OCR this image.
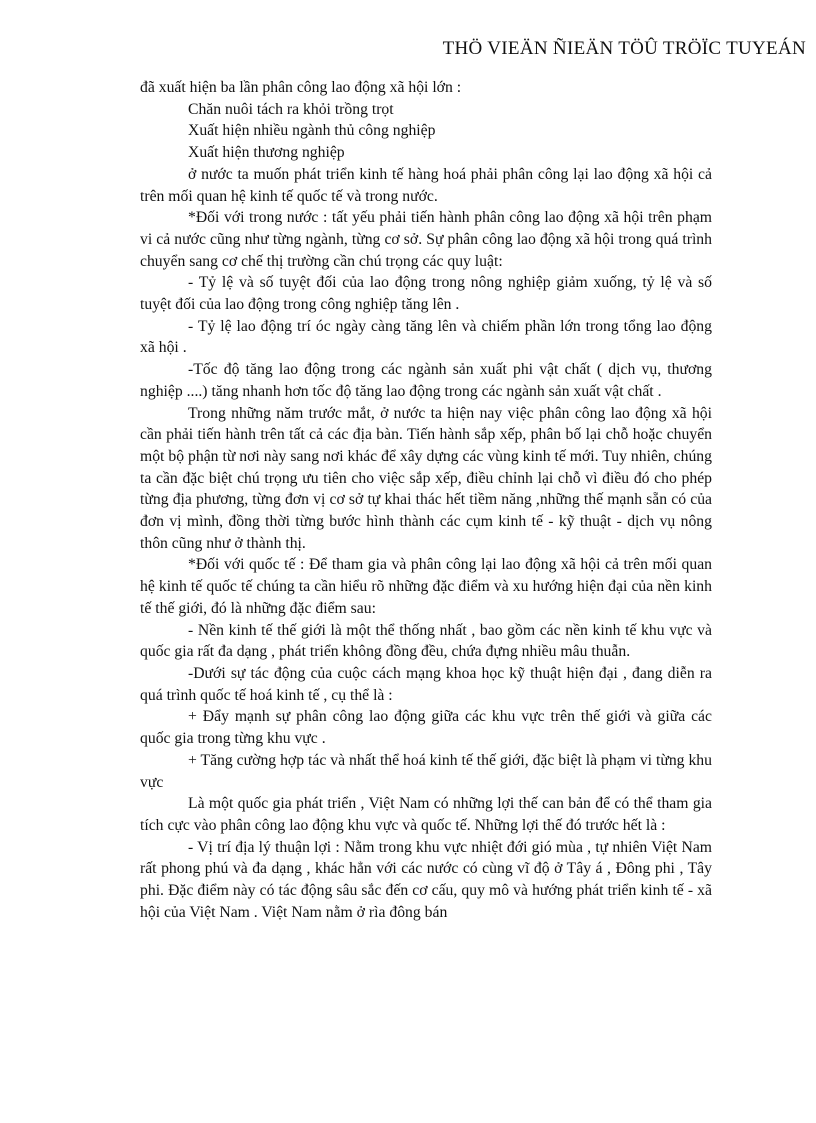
THÖ VIEÄN ÑIEÄN TÖÛ TRÖÏC TUYEÁN

đã xuất hiện ba lần phân công lao động xã hội lớn :

Chăn nuôi tách ra khỏi trồng trọt

Xuất hiện nhiều ngành thủ công nghiệp

Xuất hiện thương nghiệp

ở nước ta muốn phát triển kinh tế hàng hoá phải phân công lại lao động xã hội cả trên mối quan hệ kinh tế quốc tế và trong nước.

*Đối với trong nước : tất yếu phải tiến hành phân công lao động xã hội trên phạm vi cả nước cũng như từng ngành, từng cơ sở. Sự phân công lao động xã hội trong quá trình chuyển sang cơ chế thị trường cần chú trọng các quy luật:

- Tỷ lệ và số tuyệt đối của lao động trong nông nghiệp giảm xuống, tỷ lệ và số tuyệt đối của lao động trong công nghiệp tăng lên .

- Tỷ lệ lao động trí óc ngày càng tăng lên và chiếm phần lớn trong tổng lao động xã hội .

-Tốc độ tăng lao động trong các ngành sản xuất phi vật chất ( dịch vụ, thương nghiệp ....) tăng nhanh hơn tốc độ tăng lao động trong các ngành sản xuất vật chất .

Trong những năm trước mắt, ở nước ta hiện nay việc phân công lao động xã hội cần phải tiến hành trên tất cả các địa bàn. Tiến hành sắp xếp, phân bố lại chỗ hoặc chuyển một bộ phận từ nơi này sang nơi khác để xây dựng các vùng kinh tế mới. Tuy nhiên, chúng ta cần đặc biệt chú trọng ưu tiên cho việc sắp xếp, điều chỉnh lại chỗ vì điều đó cho phép từng địa phương, từng đơn vị cơ sở tự khai thác hết tiềm năng ,những thế mạnh sẵn có của đơn vị mình, đồng thời từng bước hình thành các cụm kinh tế - kỹ thuật - dịch vụ nông thôn cũng như ở thành thị.

*Đối với quốc tế : Để tham gia và phân công lại lao động xã hội cả trên mối quan hệ kinh tế quốc tế chúng ta cần hiểu rõ những đặc điểm và xu hướng hiện đại của nền kinh tế thế giới, đó là những đặc điểm sau:

- Nền kinh tế thế giới là một thể thống nhất , bao gồm các nền kinh tế khu vực và quốc gia rất đa dạng , phát triển không đồng đều, chứa đựng nhiều mâu thuẫn.

-Dưới sự tác động của cuộc cách mạng khoa học kỹ thuật hiện đại , đang diễn ra quá trình quốc tế hoá kinh tế , cụ thể là :

+ Đẩy mạnh sự phân công lao động giữa các khu vực trên thế giới và giữa các quốc gia trong từng khu vực .

+ Tăng cường hợp tác và nhất thể hoá kinh tế thế giới, đặc biệt là phạm vi từng khu vực

Là một quốc gia phát triển , Việt Nam có những lợi thế can bản để có thể tham gia tích cực vào phân công lao động khu vực và quốc tế. Những lợi thế đó trước hết là :

- Vị trí địa lý thuận lợi : Nằm trong khu vực nhiệt đới gió mùa , tự nhiên Việt Nam rất phong phú và đa dạng , khác hẳn với các nước có cùng vĩ độ ở Tây á , Đông phi , Tây phi. Đặc điểm này có tác động sâu sắc đến cơ cấu, quy mô và hướng phát triển kinh tế - xã hội của Việt Nam . Việt Nam nằm ở rìa đông bán
